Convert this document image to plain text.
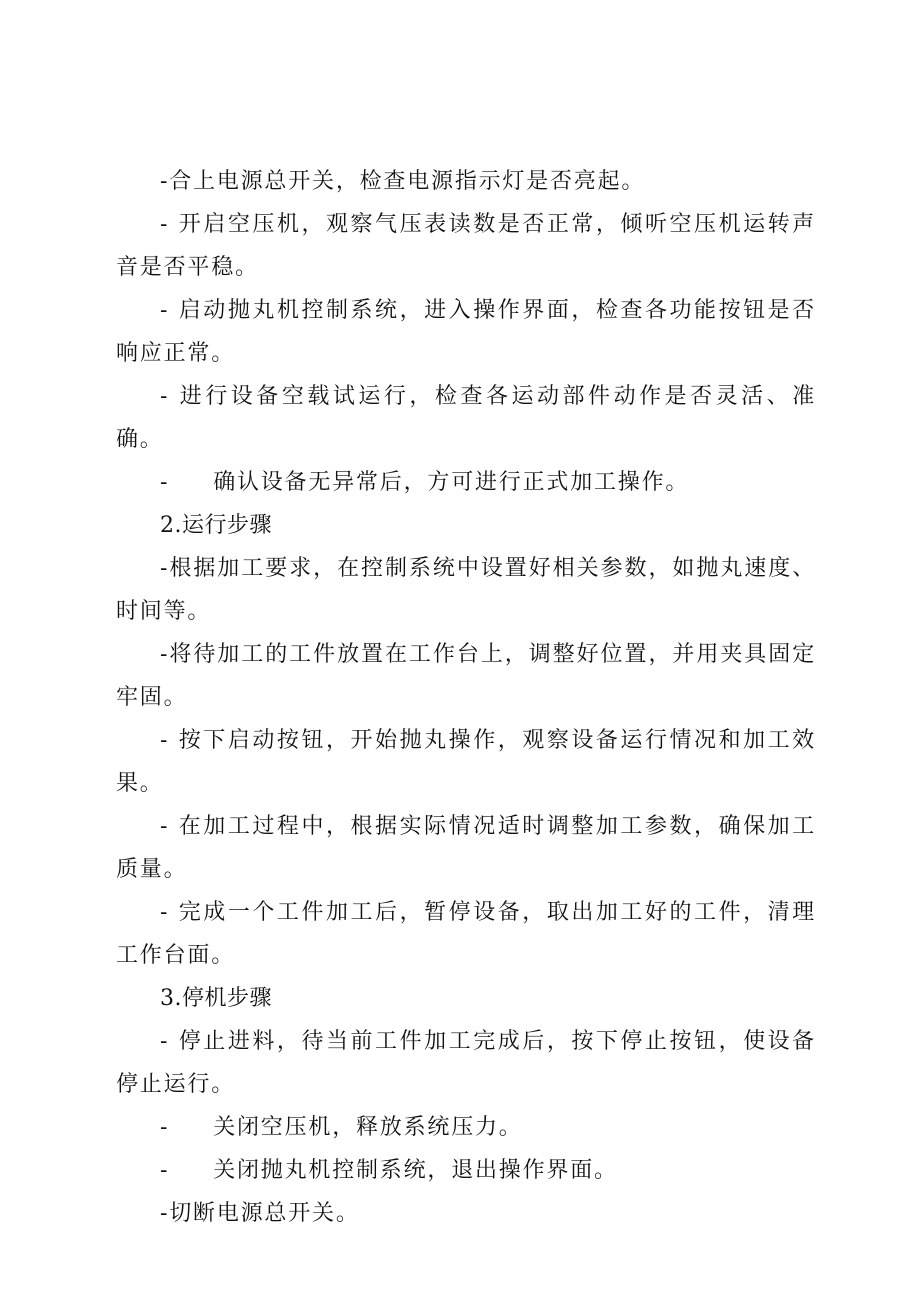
-合上电源总开关，检查电源指示灯是否亮起。

- 开启空压机，观察气压表读数是否正常，倾听空压机运转声音是否平稳。

- 启动抛丸机控制系统，进入操作界面，检查各功能按钮是否响应正常。

- 进行设备空载试运行，检查各运动部件动作是否灵活、准确。

-     确认设备无异常后，方可进行正式加工操作。

2.运行步骤

-根据加工要求，在控制系统中设置好相关参数，如抛丸速度、时间等。

-将待加工的工件放置在工作台上，调整好位置，并用夹具固定牢固。

- 按下启动按钮，开始抛丸操作，观察设备运行情况和加工效果。

- 在加工过程中，根据实际情况适时调整加工参数，确保加工质量。

- 完成一个工件加工后，暂停设备，取出加工好的工件，清理工作台面。

3.停机步骤

- 停止进料，待当前工件加工完成后，按下停止按钮，使设备停止运行。

-     关闭空压机，释放系统压力。

-     关闭抛丸机控制系统，退出操作界面。

-切断电源总开关。
